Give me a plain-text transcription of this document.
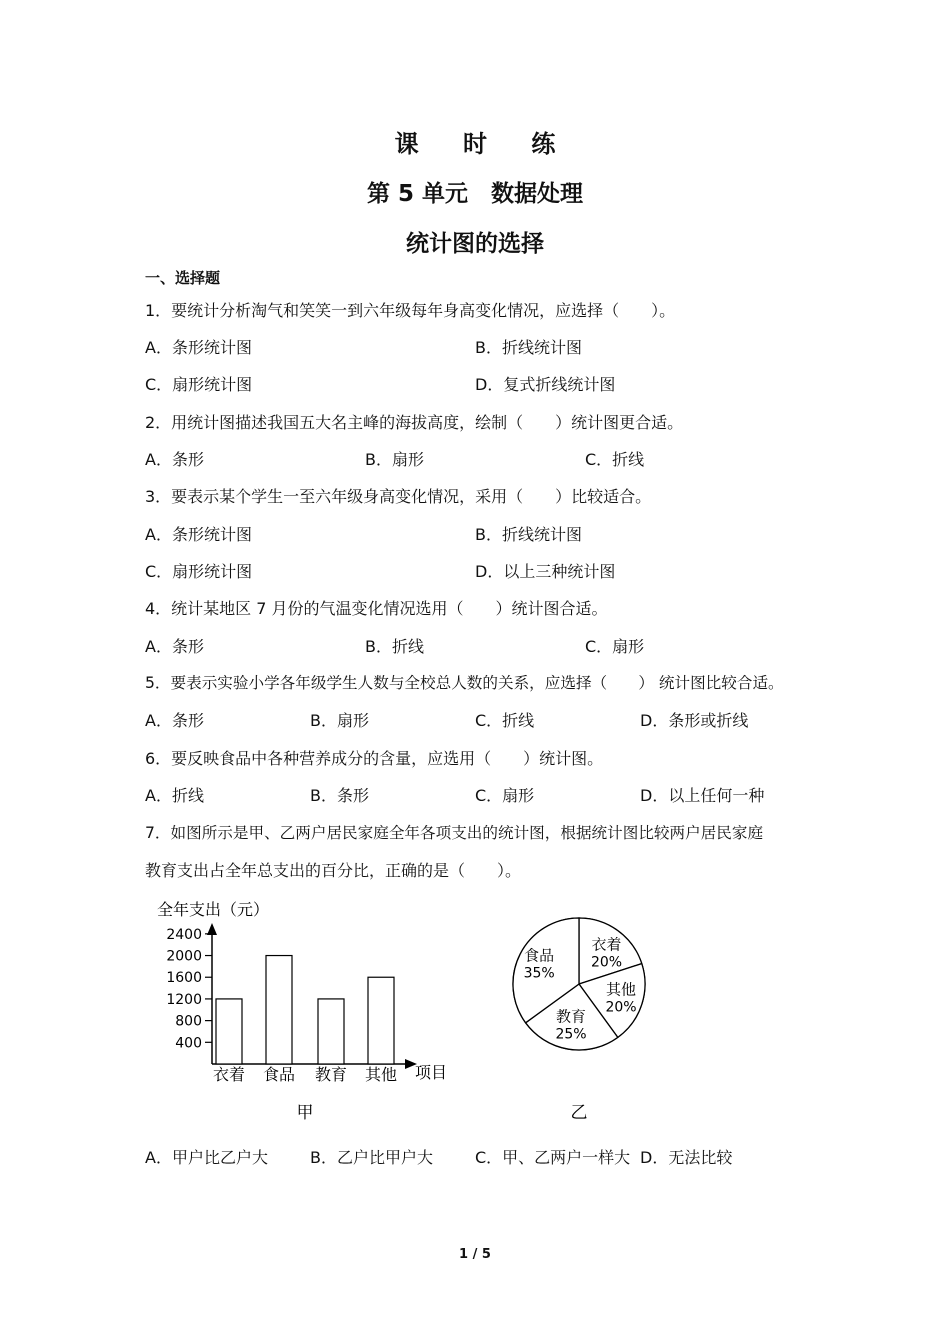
课 时 练
第 5 单元　数据处理
统计图的选择
一、选择题
1．要统计分析淘气和笑笑一到六年级每年身高变化情况，应选择（　　）。
A．条形统计图	B．折线统计图
C．扇形统计图	D．复式折线统计图
2．用统计图描述我国五大名主峰的海拔高度，绘制（　　）统计图更合适。
A．条形	B．扇形	C．折线
3．要表示某个学生一至六年级身高变化情况，采用（　　）比较适合。
A．条形统计图	B．折线统计图
C．扇形统计图	D．以上三种统计图
4．统计某地区 7 月份的气温变化情况选用（　　）统计图合适。
A．条形	B．折线	C．扇形
5．要表示实验小学各年级学生人数与全校总人数的关系，应选择（　　） 统计图比较合适。
A．条形	B．扇形	C．折线	D．条形或折线
6．要反映食品中各种营养成分的含量，应选用（　　）统计图。
A．折线	B．条形	C．扇形	D．以上任何一种
7．如图所示是甲、乙两户居民家庭全年各项支出的统计图，根据统计图比较两户居民家庭
教育支出占全年总支出的百分比，正确的是（　　）。
全年支出（元）
项目
400
800
1200
1600
2000
2400
衣着 食品 教育 其他
甲
衣着
20%
其他
20%
教育
25%
食品
35%
乙
A．甲户比乙户大	B．乙户比甲户大	C．甲、乙两户一样大 D．无法比较
1 / 5
